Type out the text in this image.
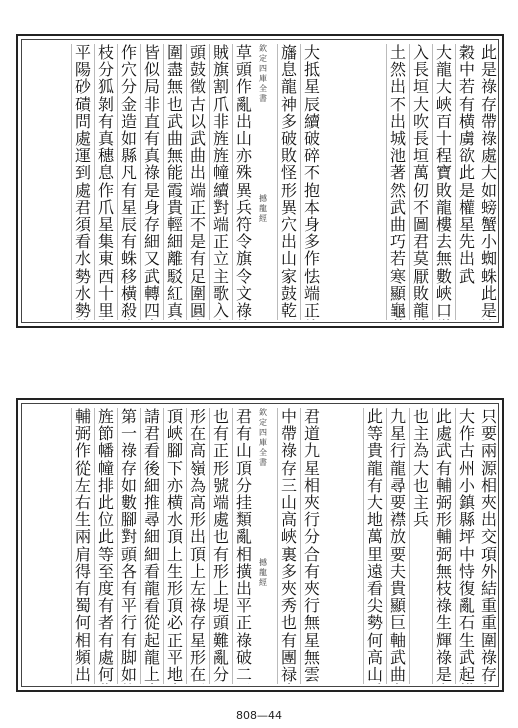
此是祿存帶祿處大如螃蟹小蜘蛛此是
穀中若有横虜欲此是權星先出武
大龍大峽百十程寶敗龍樓去無數峽口
入長垣大吹長垣萬仞不圖君莫厭敗龍
土然出不出城池著然武曲巧若寒顯龜
大抵星辰續破碎不抱本身多作怯端正
旛息龍神多破敗怪形異穴出山家鼓乾
欽定四庫全書
撼龍經
草頭作亂出山亦殊異兵符令旗令文祿
賊旗割爪非旌旌幢續對端正立主歌入
頭鼓徵古以武曲出端正不是有足圍圓
圍盡無也武曲無能霞貴輕細離駁紅真
皆似局非直有真祿是身存細又武轉四
作穴分金造如縣凡有星辰有蛛移橫殺
枝分狐剝有真穗息作爪星集東西十里
平陽砂磧問處運到處君須看水勢水勢
只要兩源相夾出交項外結重重圍祿存
大作古州小鎮縣坪中恃復亂石生武起
此處武有輔弼形輔弼無枝祿生輝祿是
也主為大也主兵
九星行龍尋要襟放要夫貴顯巨軸武曲
此等貴龍有大地萬里遠看尖勢何高山
君道九星相夾行分合有夾行無星無雲
中帶祿存三山高峽裏多夾秀也有團禄
欽定四庫全書
撼龍經
君有山頂分挂類亂相撗出平正祿破二
也有正形號端處也有形上堤頭難亂分
形在高嶺為高形出頂上左祿存星形在
頂峽腳下亦横水頂上生形頂必正平地
請君看後細推尋細細看龍看從起龍上
第一祿存如數腳對頭各有平行有脚如
旌節幡幢排此位此等至度有者有處何
輔弼作從左右生兩肩得有蜀何相頻出
808—44
